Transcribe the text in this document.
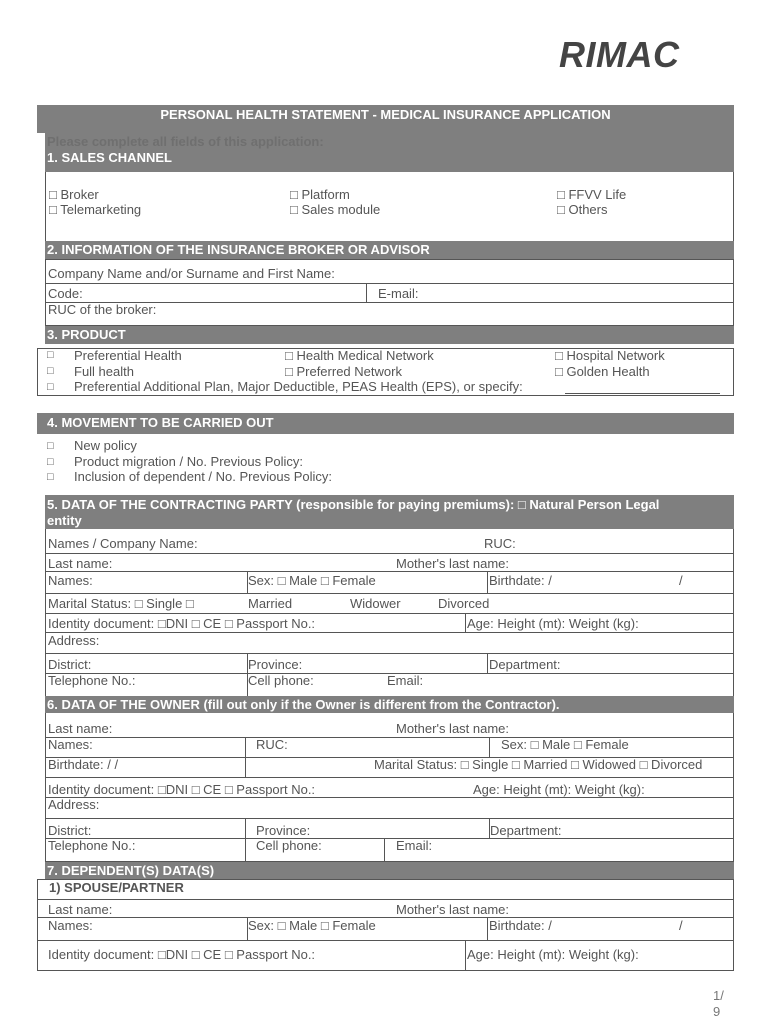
RIMAC
PERSONAL HEALTH STATEMENT - MEDICAL INSURANCE APPLICATION
Please complete all fields of this application:
1. SALES CHANNEL
□ Broker	□ Platform	□ FFVV Life
□ Telemarketing	□ Sales module	□ Others
2. INFORMATION OF THE INSURANCE BROKER OR ADVISOR
Company Name and/or Surname and First Name:
Code:	E-mail:
RUC of the broker:
3. PRODUCT
□ Preferential Health	□ Health Medical Network	□ Hospital Network
□ Full health	□ Preferred Network	□ Golden Health
□ Preferential Additional Plan, Major Deductible, PEAS Health (EPS), or specify:
4. MOVEMENT TO BE CARRIED OUT
□ New policy
□ Product migration / No. Previous Policy:
□ Inclusion of dependent / No. Previous Policy:
5. DATA OF THE CONTRACTING PARTY (responsible for paying premiums): □ Natural Person Legal
entity
Names / Company Name:	RUC:
Last name:	Mother's last name:
Names:	Sex: □ Male □ Female	Birthdate: /	/
Marital Status: □ Single □	Married	Widower	Divorced
Identity document: □DNI □ CE □ Passport No.:	Age: Height (mt): Weight (kg):
Address:
District:	Province:	Department:
Telephone No.:	Cell phone:	Email:
6. DATA OF THE OWNER (fill out only if the Owner is different from the Contractor).
Last name:	Mother's last name:
Names:	RUC:	Sex: □ Male □ Female
Birthdate: / /	Marital Status: □ Single □ Married □ Widowed □ Divorced
Identity document: □DNI □ CE □ Passport No.:	Age: Height (mt): Weight (kg):
Address:
District:	Province:	Department:
Telephone No.:	Cell phone:	Email:
7. DEPENDENT(S) DATA(S)
1) SPOUSE/PARTNER
Last name:	Mother's last name:
Names:	Sex: □ Male □ Female	Birthdate: /	/
Identity document: □DNI □ CE □ Passport No.:	Age: Height (mt): Weight (kg):
1/
9
